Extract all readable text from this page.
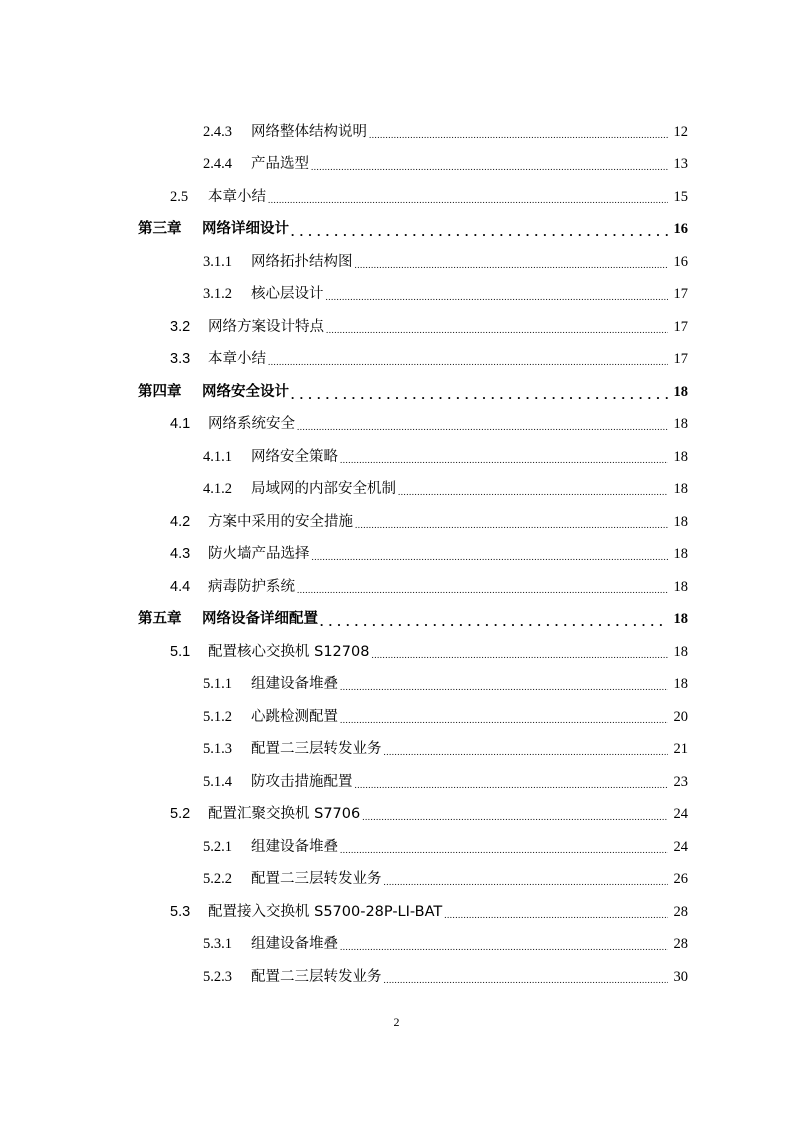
2.4.3	网络整体结构说明 .....	12
2.4.4	产品选型 .....	13
2.5	本章小结 .....	15
第三章	网络详细设计 . . .	16
3.1.1	网络拓扑结构图 .....	16
3.1.2	核心层设计 .....	17
3.2	网络方案设计特点 .....	17
3.3	本章小结 .....	17
第四章	网络安全设计 . . .	18
4.1	网络系统安全 .....	18
4.1.1	网络安全策略 .....	18
4.1.2	局域网的内部安全机制 .....	18
4.2	方案中采用的安全措施 .....	18
4.3	防火墙产品选择 .....	18
4.4	病毒防护系统 .....	18
第五章	网络设备详细配置 . . .	18
5.1	配置核心交换机 S12708 .....	18
5.1.1	组建设备堆叠 .....	18
5.1.2	心跳检测配置 .....	20
5.1.3	配置二三层转发业务 .....	21
5.1.4	防攻击措施配置 .....	23
5.2	配置汇聚交换机 S7706 .....	24
5.2.1	组建设备堆叠 .....	24
5.2.2	配置二三层转发业务 .....	26
5.3	配置接入交换机 S5700-28P-LI-BAT .....	28
5.3.1	组建设备堆叠 .....	28
5.2.3	配置二三层转发业务 .....	30
2
